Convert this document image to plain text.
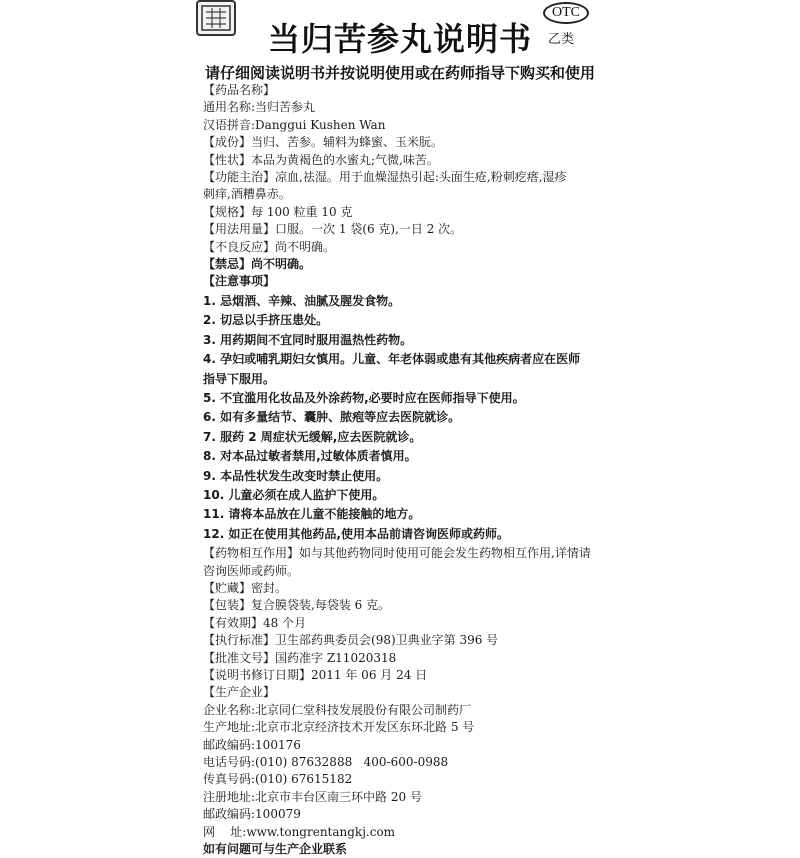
当归苦参丸说明书
OTC
乙类
请仔细阅读说明书并按说明使用或在药师指导下购买和使用
【药品名称】
通用名称:当归苦参丸
汉语拼音:Danggui Kushen Wan
【成份】当归、苦参。辅料为蜂蜜、玉米朊。
【性状】本品为黄褐色的水蜜丸;气微,味苦。
【功能主治】凉血,祛湿。用于血燥湿热引起:头面生疮,粉刺疙瘩,湿疹
刺痒,酒糟鼻赤。
【规格】每 100 粒重 10 克
【用法用量】口服。一次 1 袋(6 克),一日 2 次。
【不良反应】尚不明确。
【禁忌】尚不明确。
【注意事项】
1. 忌烟酒、辛辣、油腻及腥发食物。
2. 切忌以手挤压患处。
3. 用药期间不宜同时服用温热性药物。
4. 孕妇或哺乳期妇女慎用。儿童、年老体弱或患有其他疾病者应在医师
指导下服用。
5. 不宜滥用化妆品及外涂药物,必要时应在医师指导下使用。
6. 如有多量结节、囊肿、脓疱等应去医院就诊。
7. 服药 2 周症状无缓解,应去医院就诊。
8. 对本品过敏者禁用,过敏体质者慎用。
9. 本品性状发生改变时禁止使用。
10. 儿童必须在成人监护下使用。
11. 请将本品放在儿童不能接触的地方。
12. 如正在使用其他药品,使用本品前请咨询医师或药师。
【药物相互作用】如与其他药物同时使用可能会发生药物相互作用,详情请
咨询医师或药师。
【贮藏】密封。
【包装】复合膜袋装,每袋装 6 克。
【有效期】48 个月
【执行标准】卫生部药典委员会(98)卫典业字第 396 号
【批准文号】国药准字 Z11020318
【说明书修订日期】2011 年 06 月 24 日
【生产企业】
企业名称:北京同仁堂科技发展股份有限公司制药厂
生产地址:北京市北京经济技术开发区东环北路 5 号
邮政编码:100176
电话号码:(010) 87632888   400-600-0988
传真号码:(010) 67615182
注册地址:北京市丰台区南三环中路 20 号
邮政编码:100079
网    址:www.tongrentangkj.com
如有问题可与生产企业联系
